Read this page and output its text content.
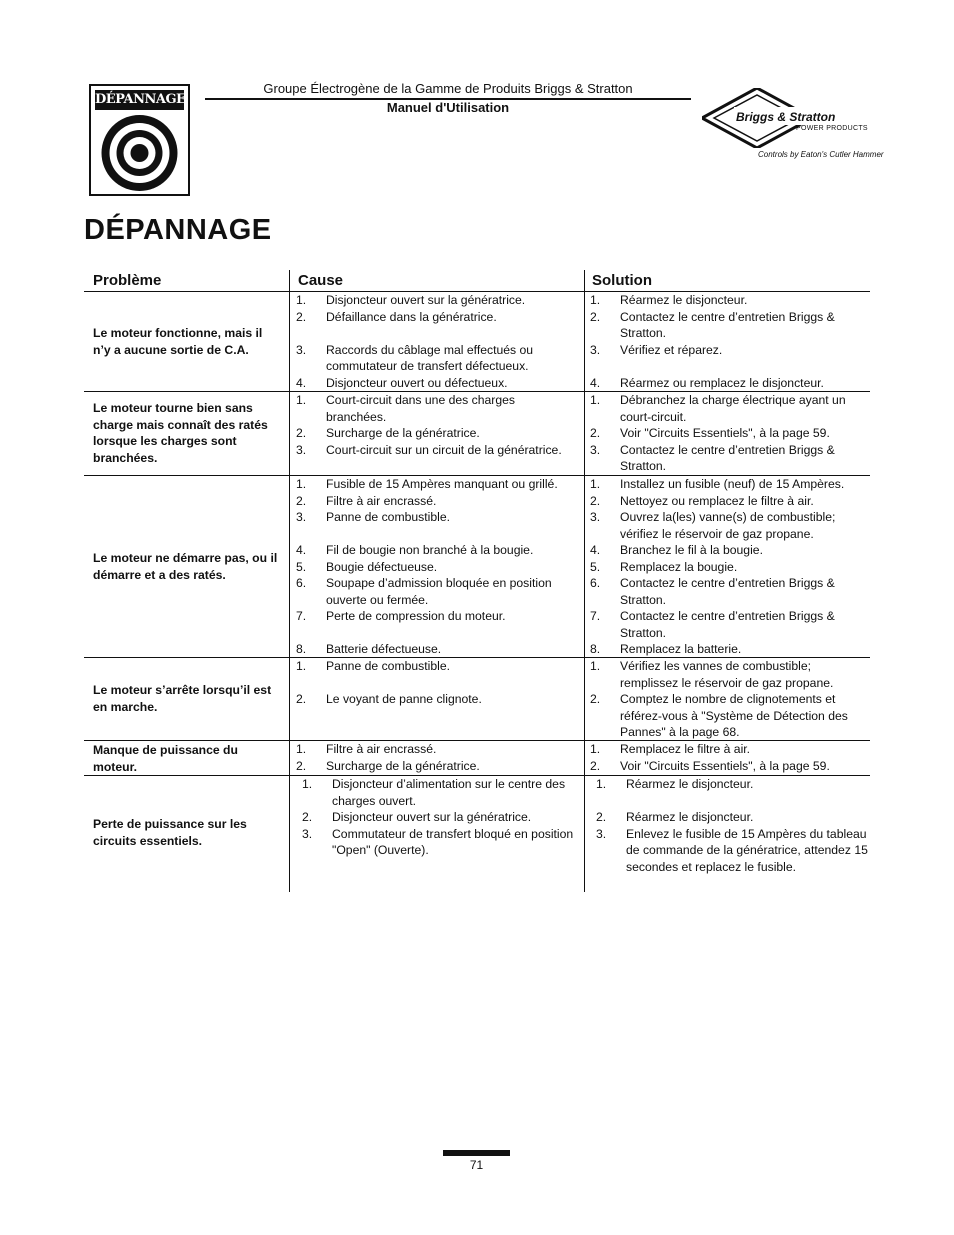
DÉPANNAGE
Groupe Électrogène de la Gamme de Produits Briggs & Stratton
Manuel d'Utilisation
Briggs & Stratton
POWER PRODUCTS
Controls by Eaton's Cutler Hammer
DÉPANNAGE
Problème	Cause	Solution
Le moteur fonctionne, mais il n’y a aucune sortie de C.A.
1. Disjoncteur ouvert sur la génératrice.
2. Défaillance dans la génératrice.
3. Raccords du câblage mal effectués ou commutateur de transfert défectueux.
4. Disjoncteur ouvert ou défectueux.
1. Réarmez le disjoncteur.
2. Contactez le centre d’entretien Briggs & Stratton.
3. Vérifiez et réparez.
4. Réarmez ou remplacez le disjoncteur.
Le moteur tourne bien sans charge mais connaît des ratés lorsque les charges sont branchées.
1. Court-circuit dans une des charges branchées.
2. Surcharge de la génératrice.
3. Court-circuit sur un circuit de la génératrice.
1. Débranchez la charge électrique ayant un court-circuit.
2. Voir "Circuits Essentiels", à la page 59.
3. Contactez le centre d’entretien Briggs & Stratton.
Le moteur ne démarre pas, ou il démarre et a des ratés.
1. Fusible de 15 Ampères manquant ou grillé.
2. Filtre à air encrassé.
3. Panne de combustible.
4. Fil de bougie non branché à la bougie.
5. Bougie défectueuse.
6. Soupape d’admission bloquée en position ouverte ou fermée.
7. Perte de compression du moteur.
8. Batterie défectueuse.
1. Installez un fusible (neuf) de 15 Ampères.
2. Nettoyez ou remplacez le filtre à air.
3. Ouvrez la(les) vanne(s) de combustible; vérifiez le réservoir de gaz propane.
4. Branchez le fil à la bougie.
5. Remplacez la bougie.
6. Contactez le centre d’entretien Briggs & Stratton.
7. Contactez le centre d’entretien Briggs & Stratton.
8. Remplacez la batterie.
Le moteur s’arrête lorsqu’il est en marche.
1. Panne de combustible.
2. Le voyant de panne clignote.
1. Vérifiez les vannes de combustible; remplissez le réservoir de gaz propane.
2. Comptez le nombre de clignotements et référez-vous à "Système de Détection des Pannes" à la page 68.
Manque de puissance du moteur.
1. Filtre à air encrassé.
2. Surcharge de la génératrice.
1. Remplacez le filtre à air.
2. Voir "Circuits Essentiels", à la page 59.
Perte de puissance sur les circuits essentiels.
1. Disjoncteur d’alimentation sur le centre des charges ouvert.
2. Disjoncteur ouvert sur la génératrice.
3. Commutateur de transfert bloqué en position "Open" (Ouverte).
1. Réarmez le disjoncteur.
2. Réarmez le disjoncteur.
3. Enlevez le fusible de 15 Ampères du tableau de commande de la génératrice, attendez 15 secondes et replacez le fusible.
71
